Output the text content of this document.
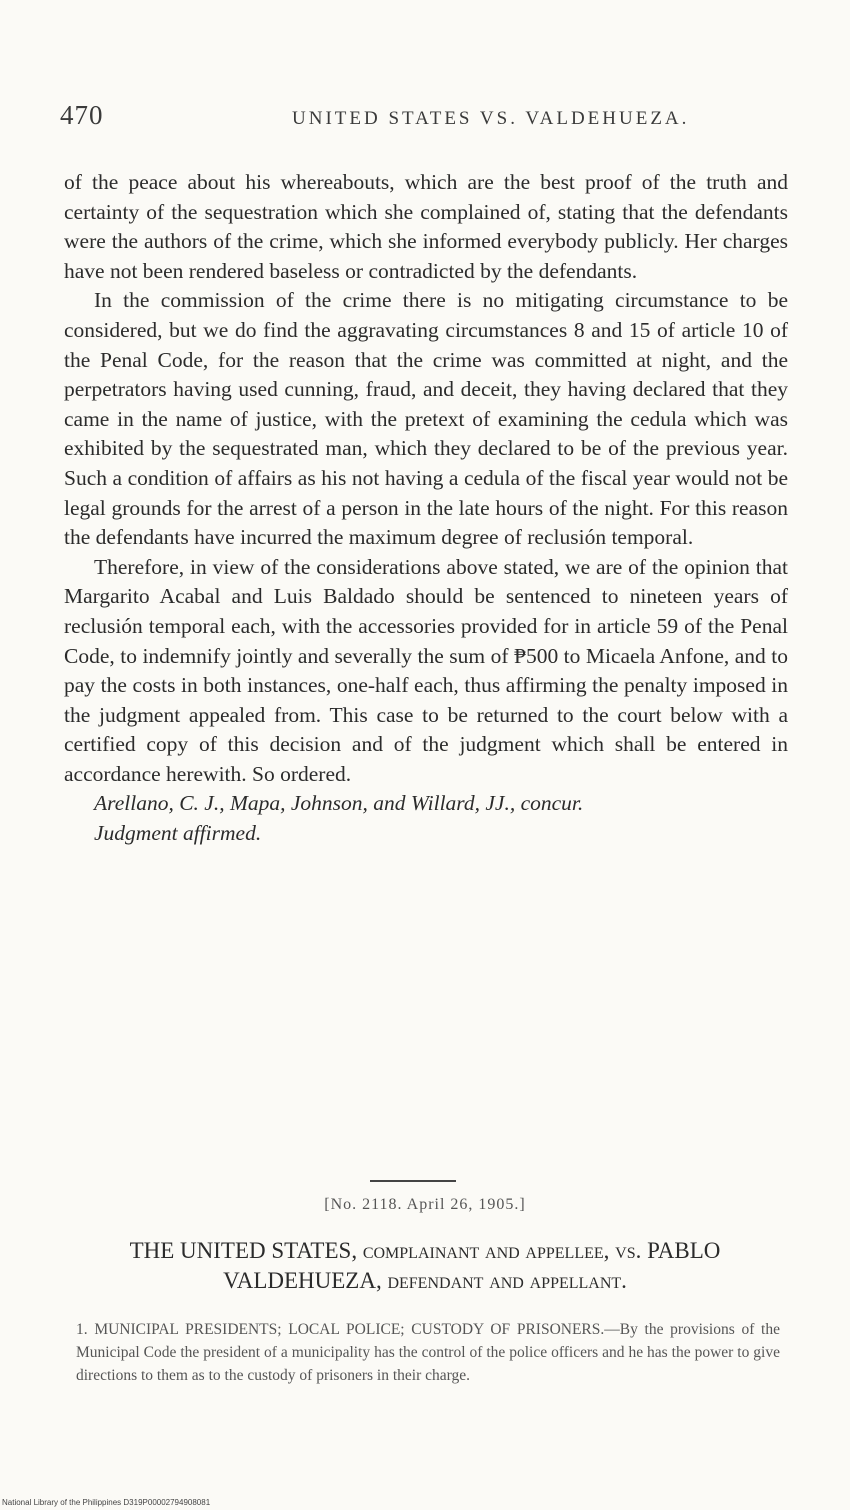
470	UNITED STATES VS. VALDEHUEZA.

of the peace about his whereabouts, which are the best proof of the truth and certainty of the sequestration which she complained of, stating that the defendants were the authors of the crime, which she informed everybody publicly. Her charges have not been rendered baseless or contradicted by the defendants.

In the commission of the crime there is no mitigating circumstance to be considered, but we do find the aggravating circumstances 8 and 15 of article 10 of the Penal Code, for the reason that the crime was committed at night, and the perpetrators having used cunning, fraud, and deceit, they having declared that they came in the name of justice, with the pretext of examining the cedula which was exhibited by the sequestrated man, which they declared to be of the previous year. Such a condition of affairs as his not having a cedula of the fiscal year would not be legal grounds for the arrest of a person in the late hours of the night. For this reason the defendants have incurred the maximum degree of reclusión temporal.

Therefore, in view of the considerations above stated, we are of the opinion that Margarito Acabal and Luis Baldado should be sentenced to nineteen years of reclusión temporal each, with the accessories provided for in article 59 of the Penal Code, to indemnify jointly and severally the sum of ₱500 to Micaela Anfone, and to pay the costs in both instances, one-half each, thus affirming the penalty imposed in the judgment appealed from. This case to be returned to the court below with a certified copy of this decision and of the judgment which shall be entered in accordance herewith. So ordered.

Arellano, C. J., Mapa, Johnson, and Willard, JJ., concur.

Judgment affirmed.

[No. 2118. April 26, 1905.]
THE UNITED STATES, complainant and appellee, vs. PABLO VALDEHUEZA, defendant and appellant.
1. MUNICIPAL PRESIDENTS; LOCAL POLICE; CUSTODY OF PRISONERS.—By the provisions of the Municipal Code the president of a municipality has the control of the police officers and he has the power to give directions to them as to the custody of prisoners in their charge.
National Library of the Philippines D319P00002794908081
